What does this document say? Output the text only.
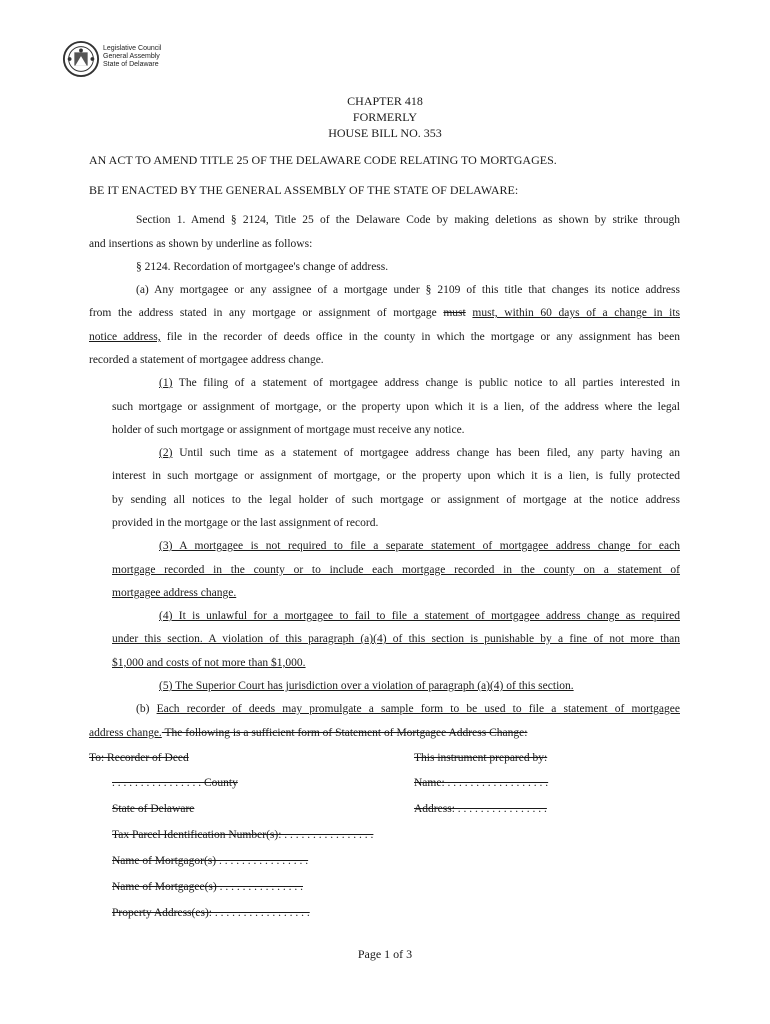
Legislative Council
General Assembly
State of Delaware
CHAPTER 418
FORMERLY
HOUSE BILL NO. 353
AN ACT TO AMEND TITLE 25 OF THE DELAWARE CODE RELATING TO MORTGAGES.
BE IT ENACTED BY THE GENERAL ASSEMBLY OF THE STATE OF DELAWARE:
Section 1. Amend § 2124, Title 25 of the Delaware Code by making deletions as shown by strike through
and insertions as shown by underline as follows:
§ 2124. Recordation of mortgagee's change of address.
(a) Any mortgagee or any assignee of a mortgage under § 2109 of this title that changes its notice address
from the address stated in any mortgage or assignment of mortgage must must, within 60 days of a change in its
notice address, file in the recorder of deeds office in the county in which the mortgage or any assignment has been
recorded a statement of mortgagee address change.
(1) The filing of a statement of mortgagee address change is public notice to all parties interested in
such mortgage or assignment of mortgage, or the property upon which it is a lien, of the address where the legal
holder of such mortgage or assignment of mortgage must receive any notice.
(2) Until such time as a statement of mortgagee address change has been filed, any party having an
interest in such mortgage or assignment of mortgage, or the property upon which it is a lien, is fully protected
by sending all notices to the legal holder of such mortgage or assignment of mortgage at the notice address
provided in the mortgage or the last assignment of record.
(3) A mortgagee is not required to file a separate statement of mortgagee address change for each
mortgage recorded in the county or to include each mortgage recorded in the county on a statement of
mortgagee address change.
(4) It is unlawful for a mortgagee to fail to file a statement of mortgagee address change as required
under this section. A violation of this paragraph (a)(4) of this section is punishable by a fine of not more than
$1,000 and costs of not more than $1,000.
(5) The Superior Court has jurisdiction over a violation of paragraph (a)(4) of this section.
(b) Each recorder of deeds may promulgate a sample form to be used to file a statement of mortgagee
address change. The following is a sufficient form of Statement of Mortgagee Address Change:
To: Recorder of Deed	This instrument prepared by:
. . . . . . . . . . . . . . . . County	Name: . . . . . . . . . . . . . . . . . .
State of Delaware	Address: . . . . . . . . . . . . . . . .
Tax Parcel Identification Number(s): . . . . . . . . . . . . . . . .
Name of Mortgagor(s) . . . . . . . . . . . . . . . .
Name of Mortgagee(s) . . . . . . . . . . . . . . .
Property Address(es): . . . . . . . . . . . . . . . . .
Page 1 of 3
